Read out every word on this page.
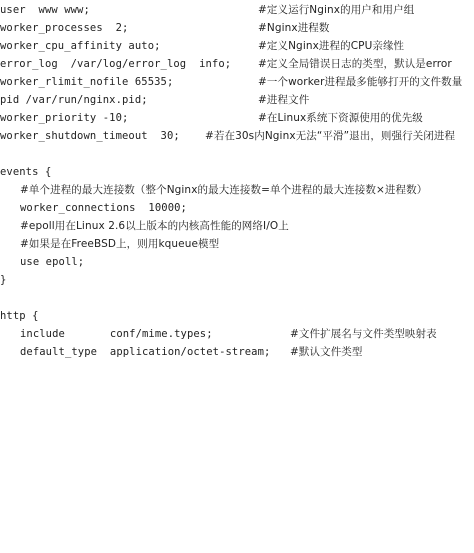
user  www www;	#定义运行Nginx的用户和用户组
worker_processes  2;	#Nginx进程数
worker_cpu_affinity auto;	#定义Nginx进程的CPU亲缘性
error_log  /var/log/error_log  info;	#定义全局错误日志的类型，默认是error
worker_rlimit_nofile 65535;	#一个worker进程最多能够打开的文件数量
pid /var/run/nginx.pid;	#进程文件
worker_priority -10;	#在Linux系统下资源使用的优先级
worker_shutdown_timeout  30; #若在30s内Nginx无法“平滑”退出，则强行关闭进程
events {
#单个进程的最大连接数（整个Nginx的最大连接数=单个进程的最大连接数×进程数）
worker_connections  10000;
#epoll用在Linux 2.6以上版本的内核高性能的网络I/O上
#如果是在FreeBSD上，则用kqueue模型
use epoll;
}
http {
include       conf/mime.types;	#文件扩展名与文件类型映射表
default_type  application/octet-stream; #默认文件类型
